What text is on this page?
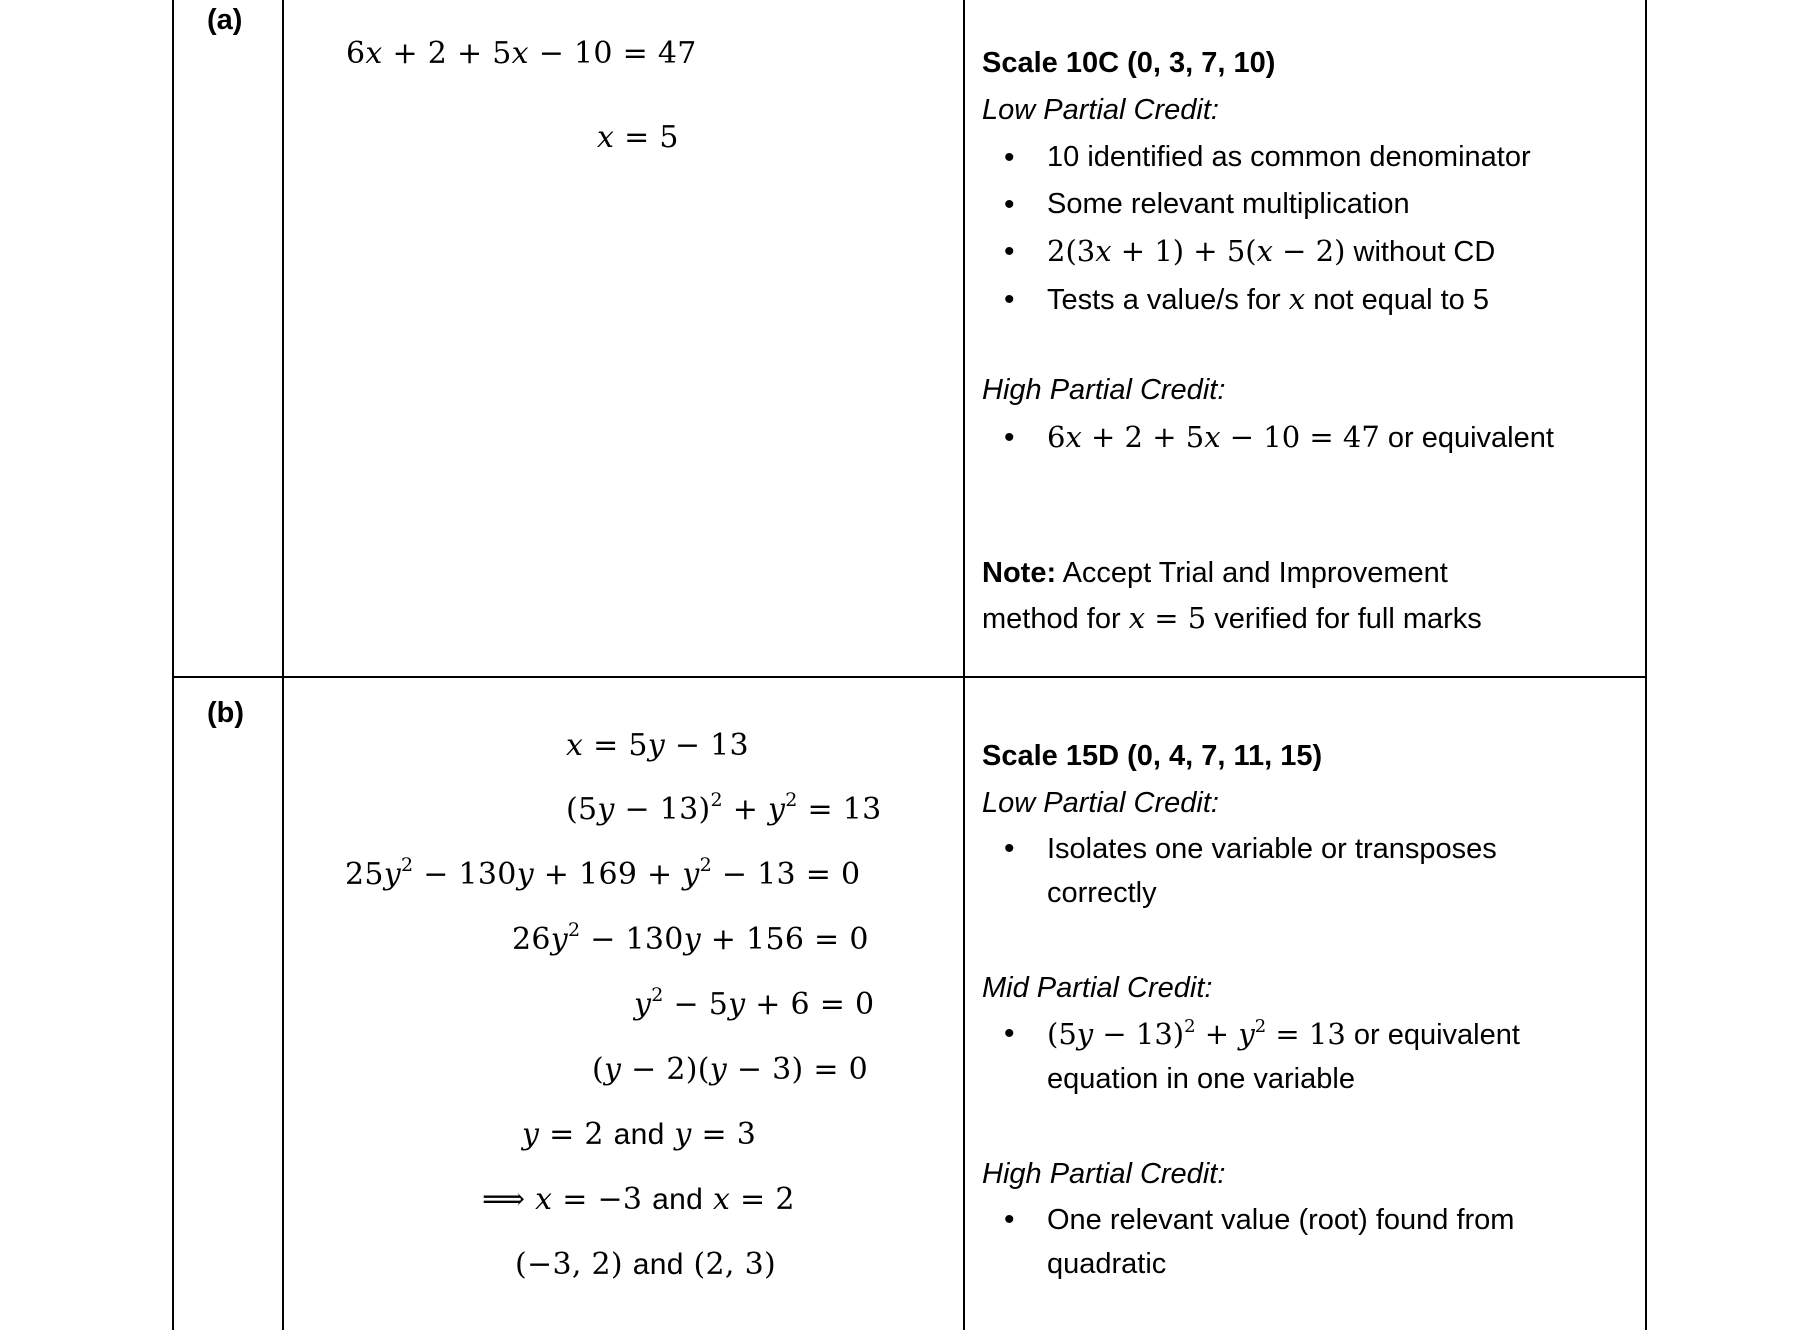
(a)
6x + 2 + 5x − 10 = 47
x = 5
Scale 10C (0, 3, 7, 10)
Low Partial Credit:
• 10 identified as common denominator
• Some relevant multiplication
• 2(3x + 1) + 5(x − 2) without CD
• Tests a value/s for x not equal to 5
High Partial Credit:
• 6x + 2 + 5x − 10 = 47 or equivalent
Note: Accept Trial and Improvement
method for x = 5 verified for full marks
(b)
x = 5y − 13
$(5y - 13)^2 + y^2 = 13$
$25y^2 - 130y + 169 + y^2 - 13 = 0$
$26y^2 - 130y + 156 = 0$
$y^2 - 5y + 6 = 0$
(y − 2)(y − 3) = 0
y = 2 and y = 3
⟹ x = −3 and x = 2
(−3, 2) and (2, 3)
Scale 15D (0, 4, 7, 11, 15)
Low Partial Credit:
• Isolates one variable or transposes
correctly
Mid Partial Credit:
• $(5y - 13)^2 + y^2 = 13$ or equivalent
equation in one variable
High Partial Credit:
• One relevant value (root) found from
quadratic
